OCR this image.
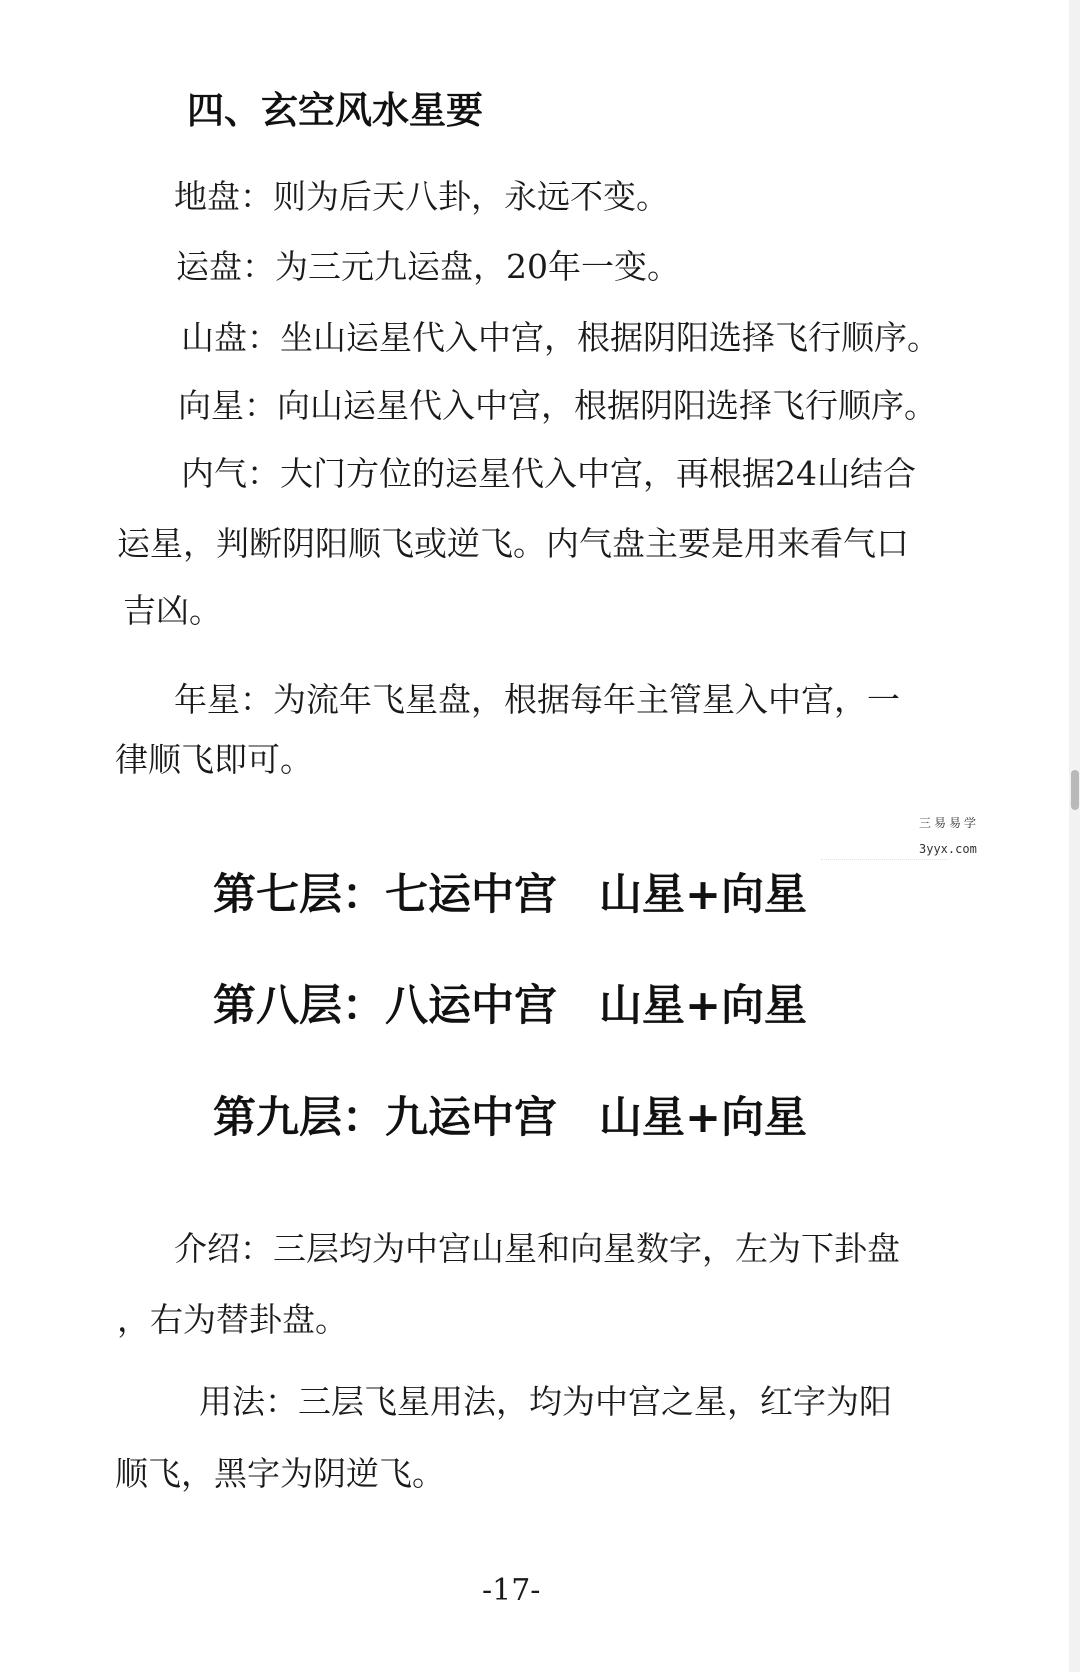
四、玄空风水星要
地盘：则为后天八卦，永远不变。
运盘：为三元九运盘，20年一变。
山盘：坐山运星代入中宫，根据阴阳选择飞行顺序。
向星：向山运星代入中宫，根据阴阳选择飞行顺序。
内气：大门方位的运星代入中宫，再根据24山结合
运星，判断阴阳顺飞或逆飞。内气盘主要是用来看气口
吉凶。
年星：为流年飞星盘，根据每年主管星入中宫，一
律顺飞即可。
三易易学
3yyx.com
第七层：七运中宫  山星+向星
第八层：八运中宫  山星+向星
第九层：九运中宫  山星+向星
介绍：三层均为中宫山星和向星数字，左为下卦盘
，右为替卦盘。
用法：三层飞星用法，均为中宫之星，红字为阳
顺飞，黑字为阴逆飞。
-17-
